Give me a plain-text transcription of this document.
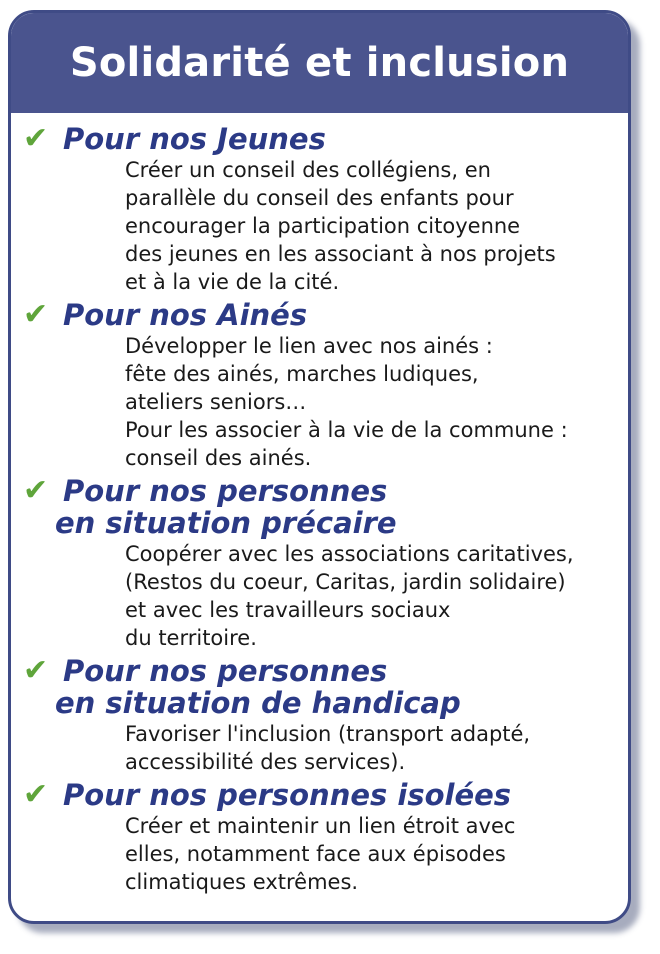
Solidarité et inclusion
✔ Pour nos Jeunes
Créer un conseil des collégiens, en
parallèle du conseil des enfants pour
encourager la participation citoyenne
des jeunes en les associant à nos projets
et à la vie de la cité.
✔ Pour nos Ainés
Développer le lien avec nos ainés :
fête des ainés, marches ludiques,
ateliers seniors…
Pour les associer à la vie de la commune :
conseil des ainés.
✔ Pour nos personnes
en situation précaire
Coopérer avec les associations caritatives,
(Restos du coeur, Caritas, jardin solidaire)
et avec les travailleurs sociaux
du territoire.
✔ Pour nos personnes
en situation de handicap
Favoriser l'inclusion (transport adapté,
accessibilité des services).
✔ Pour nos personnes isolées
Créer et maintenir un lien étroit avec
elles, notamment face aux épisodes
climatiques extrêmes.
